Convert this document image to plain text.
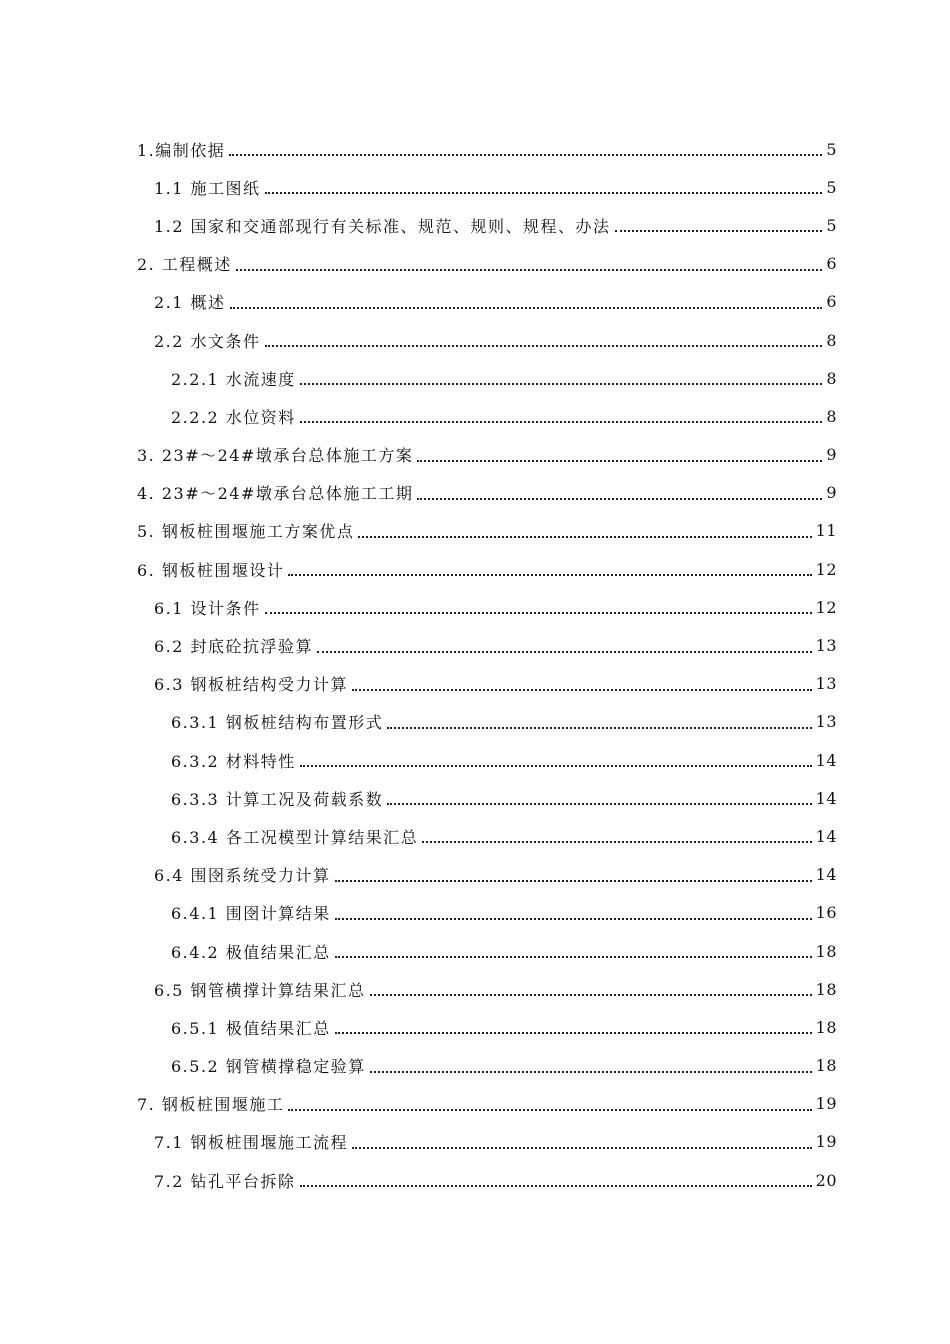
1.编制依据	5
1.1 施工图纸	5
1.2 国家和交通部现行有关标准、规范、规则、规程、办法	5
2. 工程概述	6
2.1 概述	6
2.2 水文条件	8
2.2.1 水流速度	8
2.2.2 水位资料	8
3. 23#～24#墩承台总体施工方案	9
4. 23#～24#墩承台总体施工工期	9
5. 钢板桩围堰施工方案优点	11
6. 钢板桩围堰设计	12
6.1 设计条件	12
6.2 封底砼抗浮验算	13
6.3 钢板桩结构受力计算	13
6.3.1 钢板桩结构布置形式	13
6.3.2 材料特性	14
6.3.3 计算工况及荷载系数	14
6.3.4 各工况模型计算结果汇总	14
6.4 围囹系统受力计算	14
6.4.1 围囹计算结果	16
6.4.2 极值结果汇总	18
6.5 钢管横撑计算结果汇总	18
6.5.1 极值结果汇总	18
6.5.2 钢管横撑稳定验算	18
7. 钢板桩围堰施工	19
7.1 钢板桩围堰施工流程	19
7.2 钻孔平台拆除	20
